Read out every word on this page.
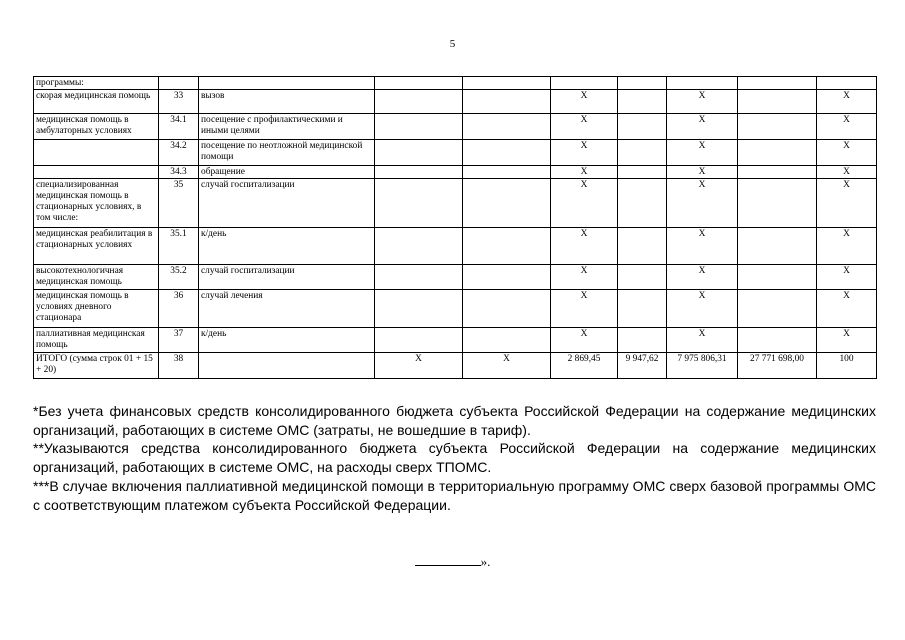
5
программы:									
скорая медицинская помощь	33	вызов			X		X		X
медицинская помощь в амбулаторных условиях	34.1	посещение с профилактическими и иными целями			X		X		X
	34.2	посещение по неотложной медицинской помощи			X		X		X
	34.3	обращение			X		X		X
специализированная медицинская помощь в стационарных условиях, в том числе:	35	случай госпитализации			X		X		X
медицинская реабилитация в стационарных условиях	35.1	к/день			X		X		X
высокотехнологичная медицинская помощь	35.2	случай госпитализации			X		X		X
медицинская помощь в условиях дневного стационара	36	случай лечения			X		X		X
паллиативная медицинская помощь	37	к/день			X		X		X
ИТОГО (сумма строк 01 + 15 + 20)	38		X	X	2 869,45	9 947,62	7 975 806,31	27 771 698,00	100

*Без учета финансовых средств консолидированного бюджета субъекта Российской Федерации на содержание медицинских организаций, работающих в системе ОМС (затраты, не вошедшие в тариф).

**Указываются средства консолидированного бюджета субъекта Российской Федерации на содержание медицинских организаций, работающих в системе ОМС, на расходы сверх ТПОМС.

***В случае включения паллиативной медицинской помощи в территориальную программу ОМС сверх базовой программы ОМС с соответствующим платежом субъекта Российской Федерации.

».
